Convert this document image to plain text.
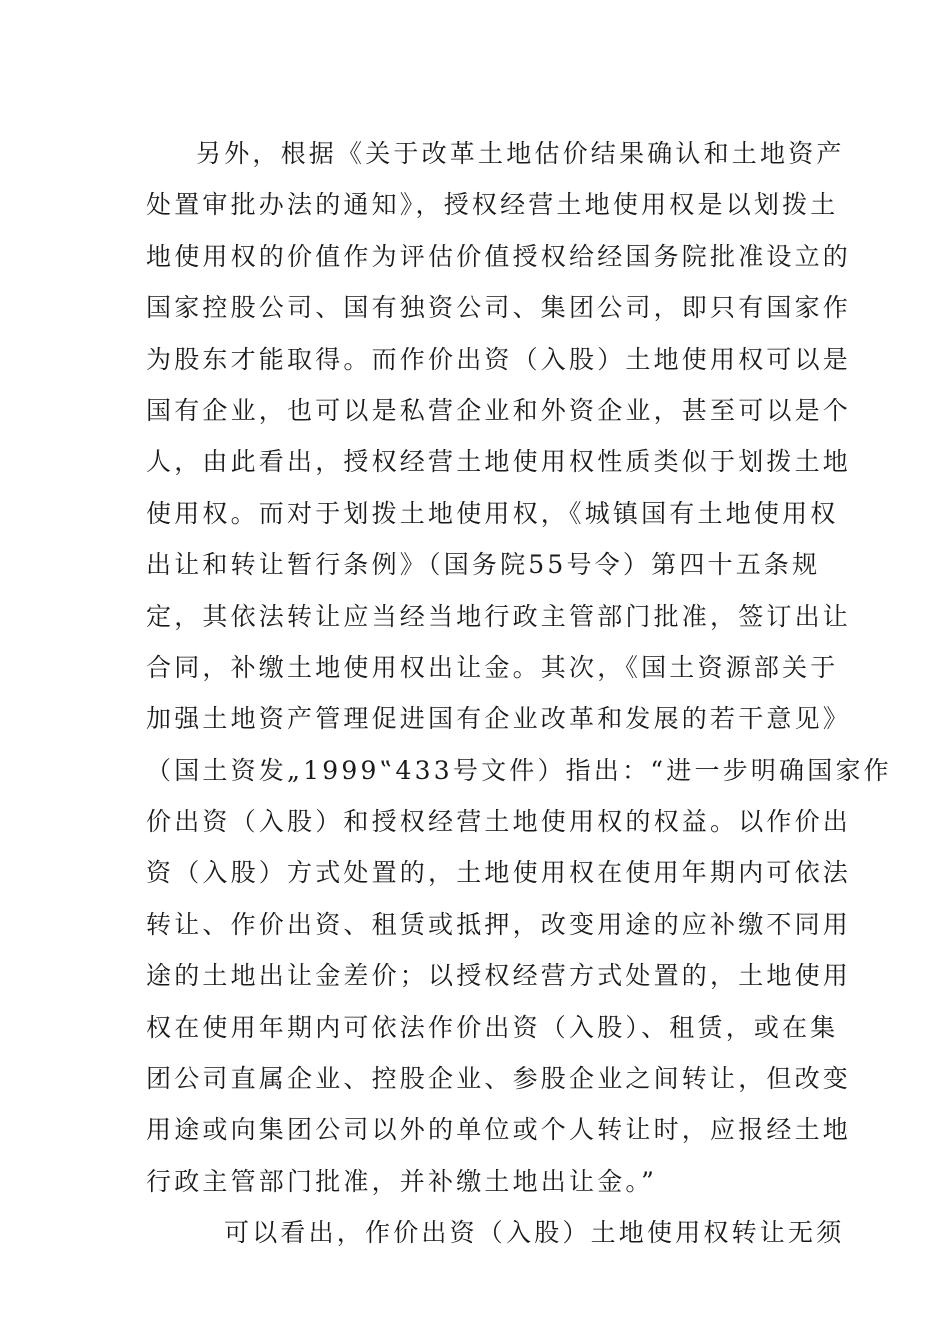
另外，根据《关于改革土地估价结果确认和土地资产
处置审批办法的通知》，授权经营土地使用权是以划拨土
地使用权的价值作为评估价值授权给经国务院批准设立的
国家控股公司、国有独资公司、集团公司，即只有国家作
为股东才能取得。而作价出资（入股）土地使用权可以是
国有企业，也可以是私营企业和外资企业，甚至可以是个
人，由此看出，授权经营土地使用权性质类似于划拨土地
使用权。而对于划拨土地使用权，《城镇国有土地使用权
出让和转让暂行条例》（国务院55号令）第四十五条规
定，其依法转让应当经当地行政主管部门批准，签订出让
合同，补缴土地使用权出让金。其次，《国土资源部关于
加强土地资产管理促进国有企业改革和发展的若干意见》
（国土资发„1999‟433号文件）指出：“进一步明确国家作
价出资（入股）和授权经营土地使用权的权益。以作价出
资（入股）方式处置的，土地使用权在使用年期内可依法
转让、作价出资、租赁或抵押，改变用途的应补缴不同用
途的土地出让金差价；以授权经营方式处置的，土地使用
权在使用年期内可依法作价出资（入股）、租赁，或在集
团公司直属企业、控股企业、参股企业之间转让，但改变
用途或向集团公司以外的单位或个人转让时，应报经土地
行政主管部门批准，并补缴土地出让金。”
可以看出，作价出资（入股）土地使用权转让无须
